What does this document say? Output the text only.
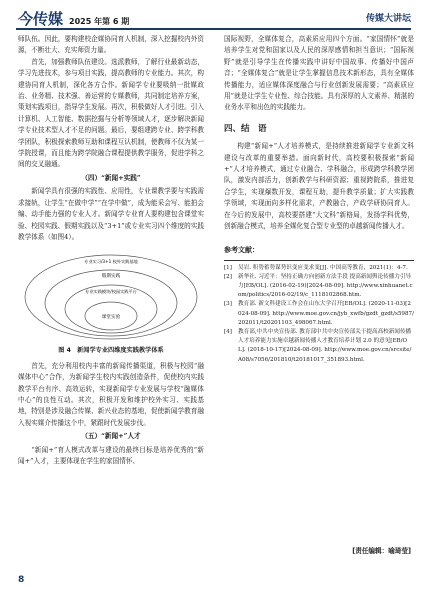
今传媒 2025 年第 6 期	传媒大讲坛

师队伍。因此，要构建校企媒协同育人机制，深入挖掘校内外资源，不断壮大、充实师资力量。

首先，加强教师队伍建设。选派教师，了解行业最新动态，学习先进技术，参与项目实践，提高教师的专业能力。其次，构建协同育人机制，深化各方合作。新闻学专业要吸纳一批媒政治、业务精、技术强、善运营的专媒教师，共同制定培养方案，策划实践项目，指导学生发展。再次，积极做好人才引进。引入计算机、人工智能、数据挖掘与分析等领域人才，逐步解决新闻学专业技术型人才不足的问题。最后，要组建跨专业、跨学科教学团队，积极探索教师互助和课程互认机制，使教师不仅为某一学院授课，而且能为跨学院融合课程提供教学服务，促进学科之间的交叉融通。

（四）“新闻+实践”

新闻学具有很强的实践性、应用性，专业课教学要与实践需求接轨，让学生“在做中学”“在学中做”，成为能采会写、能拍会编、动手能力强的专业人才。新闻学专业育人要构建包含课堂实验、校园实践、假期实践以及“3+1”或专业实习四个维度的实践教学体系（如图4）。

课堂实验
专业实践模块/校园实践平台
假期实践
专业实习/3+1 校外实践基地

图 4　新闻学专业四维度实践教学体系

首先，充分利用校内丰富的新闻传播渠道，积极与校园“融媒体中心”合作，为新闻学生校内实践创造条件，促使校内实践教学平台有序、高效运转，实现新闻学专业发展与学校“融媒体中心”的良性互动。其次，积极开发和维护校外实习、实践基地，特别是涉及融合传媒、新兴业态的基地，促使新闻学教育融入视实媒介传播这个中，紧跟时代发展步伐。

（五）“新闻+”人才

“新闻+”育人模式改革与建设的最终目标是培养优秀的“新闻+”人才，主要体现在学生的家国情怀、

国际视野，全媒体复合，高素质应用四个方面。“家国情怀”就是培养学生对党和国家以及人民的深厚感情和担当意识；“国际视野”就是引导学生在传播实践中讲好中国故事、传播好中国声音；“全媒体复合”就是让学生掌握信息技术新形态，具有全媒体传播能力，适应媒体深度融合与行业创新发展需要；“高素质应用”就是让学生专业性、综合技能。具有深厚的人文素养、精湛的业务水平和出色的实践能力。

四、结　语

构建“新闻+”人才培养模式，是持续推进新闻学专业新文科建设与改革的重要举措。面向新时代，高校要积极探索“新闻+”人才培养模式，通过专业融合、学科融合，形成跨学科教学团队，激发内部活力，创新教学与科研资源；重视跨院系，推进复合学生，实现爆数开发，课程互助，提升教学质量；扩大实践教学领域，实现面向多样化需求，产教融合，产政学研协同育人。在今后的发展中，高校要搭建“大文科”新格局，发扬学科优势，创新融合模式，培养全媒化复合型专业型的卓越新闻传播人才。

参考文献：
[1]	吴岩. 积势蓄势谋势识变应变求变[J]. 中国高等教育，2021(1)：4-7.
[2]	新华社. 习近平：坚持正确方向创新方法手段 提高新闻舆论传播力引导力[EB/OL]. (2016-02-19)[2024-08-09]. http://www.xinhuanet.com/politics/2016-02/19/c_1118102868.htm.
[3]	教育部. 新文科建设工作会在山东大学召开[EB/OL]. (2020-11-03)[2024-08-09]. http://www.moe.gov.cn/jyb_xwfb/gzdt_gzdt/s5987/202011/t20201103_498067.html.
[4]	教育部,中共中央宣传部. 教育部中共中央宣传部关于提高高校新闻传播人才培养能力实施卓越新闻传播人才教育培养计划 2.0 的意见[EB/OL]. (2018-10-17)[2024-08-09]. http://www.moe.gov.cn/srcsite/A08/s7056/201810/t20181017_351893.html.
[责任编辑：喻琦莹]
8
